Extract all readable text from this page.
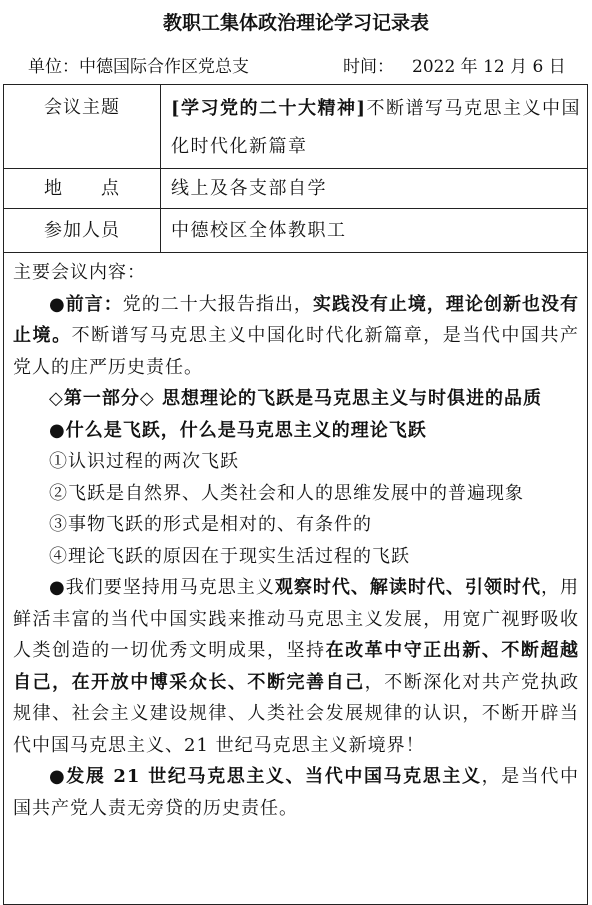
教职工集体政治理论学习记录表
单位：中德国际合作区党总支	时间： 2022 年 12 月 6 日
会议主题	[学习党的二十大精神]不断谱写马克思主义中国化时代化新篇章
地　　点	线上及各支部自学
参加人员	中德校区全体教职工

主要会议内容：

●前言：党的二十大报告指出，实践没有止境，理论创新也没有止境。不断谱写马克思主义中国化时代化新篇章，是当代中国共产党人的庄严历史责任。

◇第一部分◇ 思想理论的飞跃是马克思主义与时俱进的品质

●什么是飞跃，什么是马克思主义的理论飞跃

①认识过程的两次飞跃

②飞跃是自然界、人类社会和人的思维发展中的普遍现象

③事物飞跃的形式是相对的、有条件的

④理论飞跃的原因在于现实生活过程的飞跃

●我们要坚持用马克思主义观察时代、解读时代、引领时代，用鲜活丰富的当代中国实践来推动马克思主义发展，用宽广视野吸收人类创造的一切优秀文明成果，坚持在改革中守正出新、不断超越自己，在开放中博采众长、不断完善自己，不断深化对共产党执政规律、社会主义建设规律、人类社会发展规律的认识，不断开辟当代中国马克思主义、21 世纪马克思主义新境界！

●发展 21 世纪马克思主义、当代中国马克思主义，是当代中国共产党人责无旁贷的历史责任。
